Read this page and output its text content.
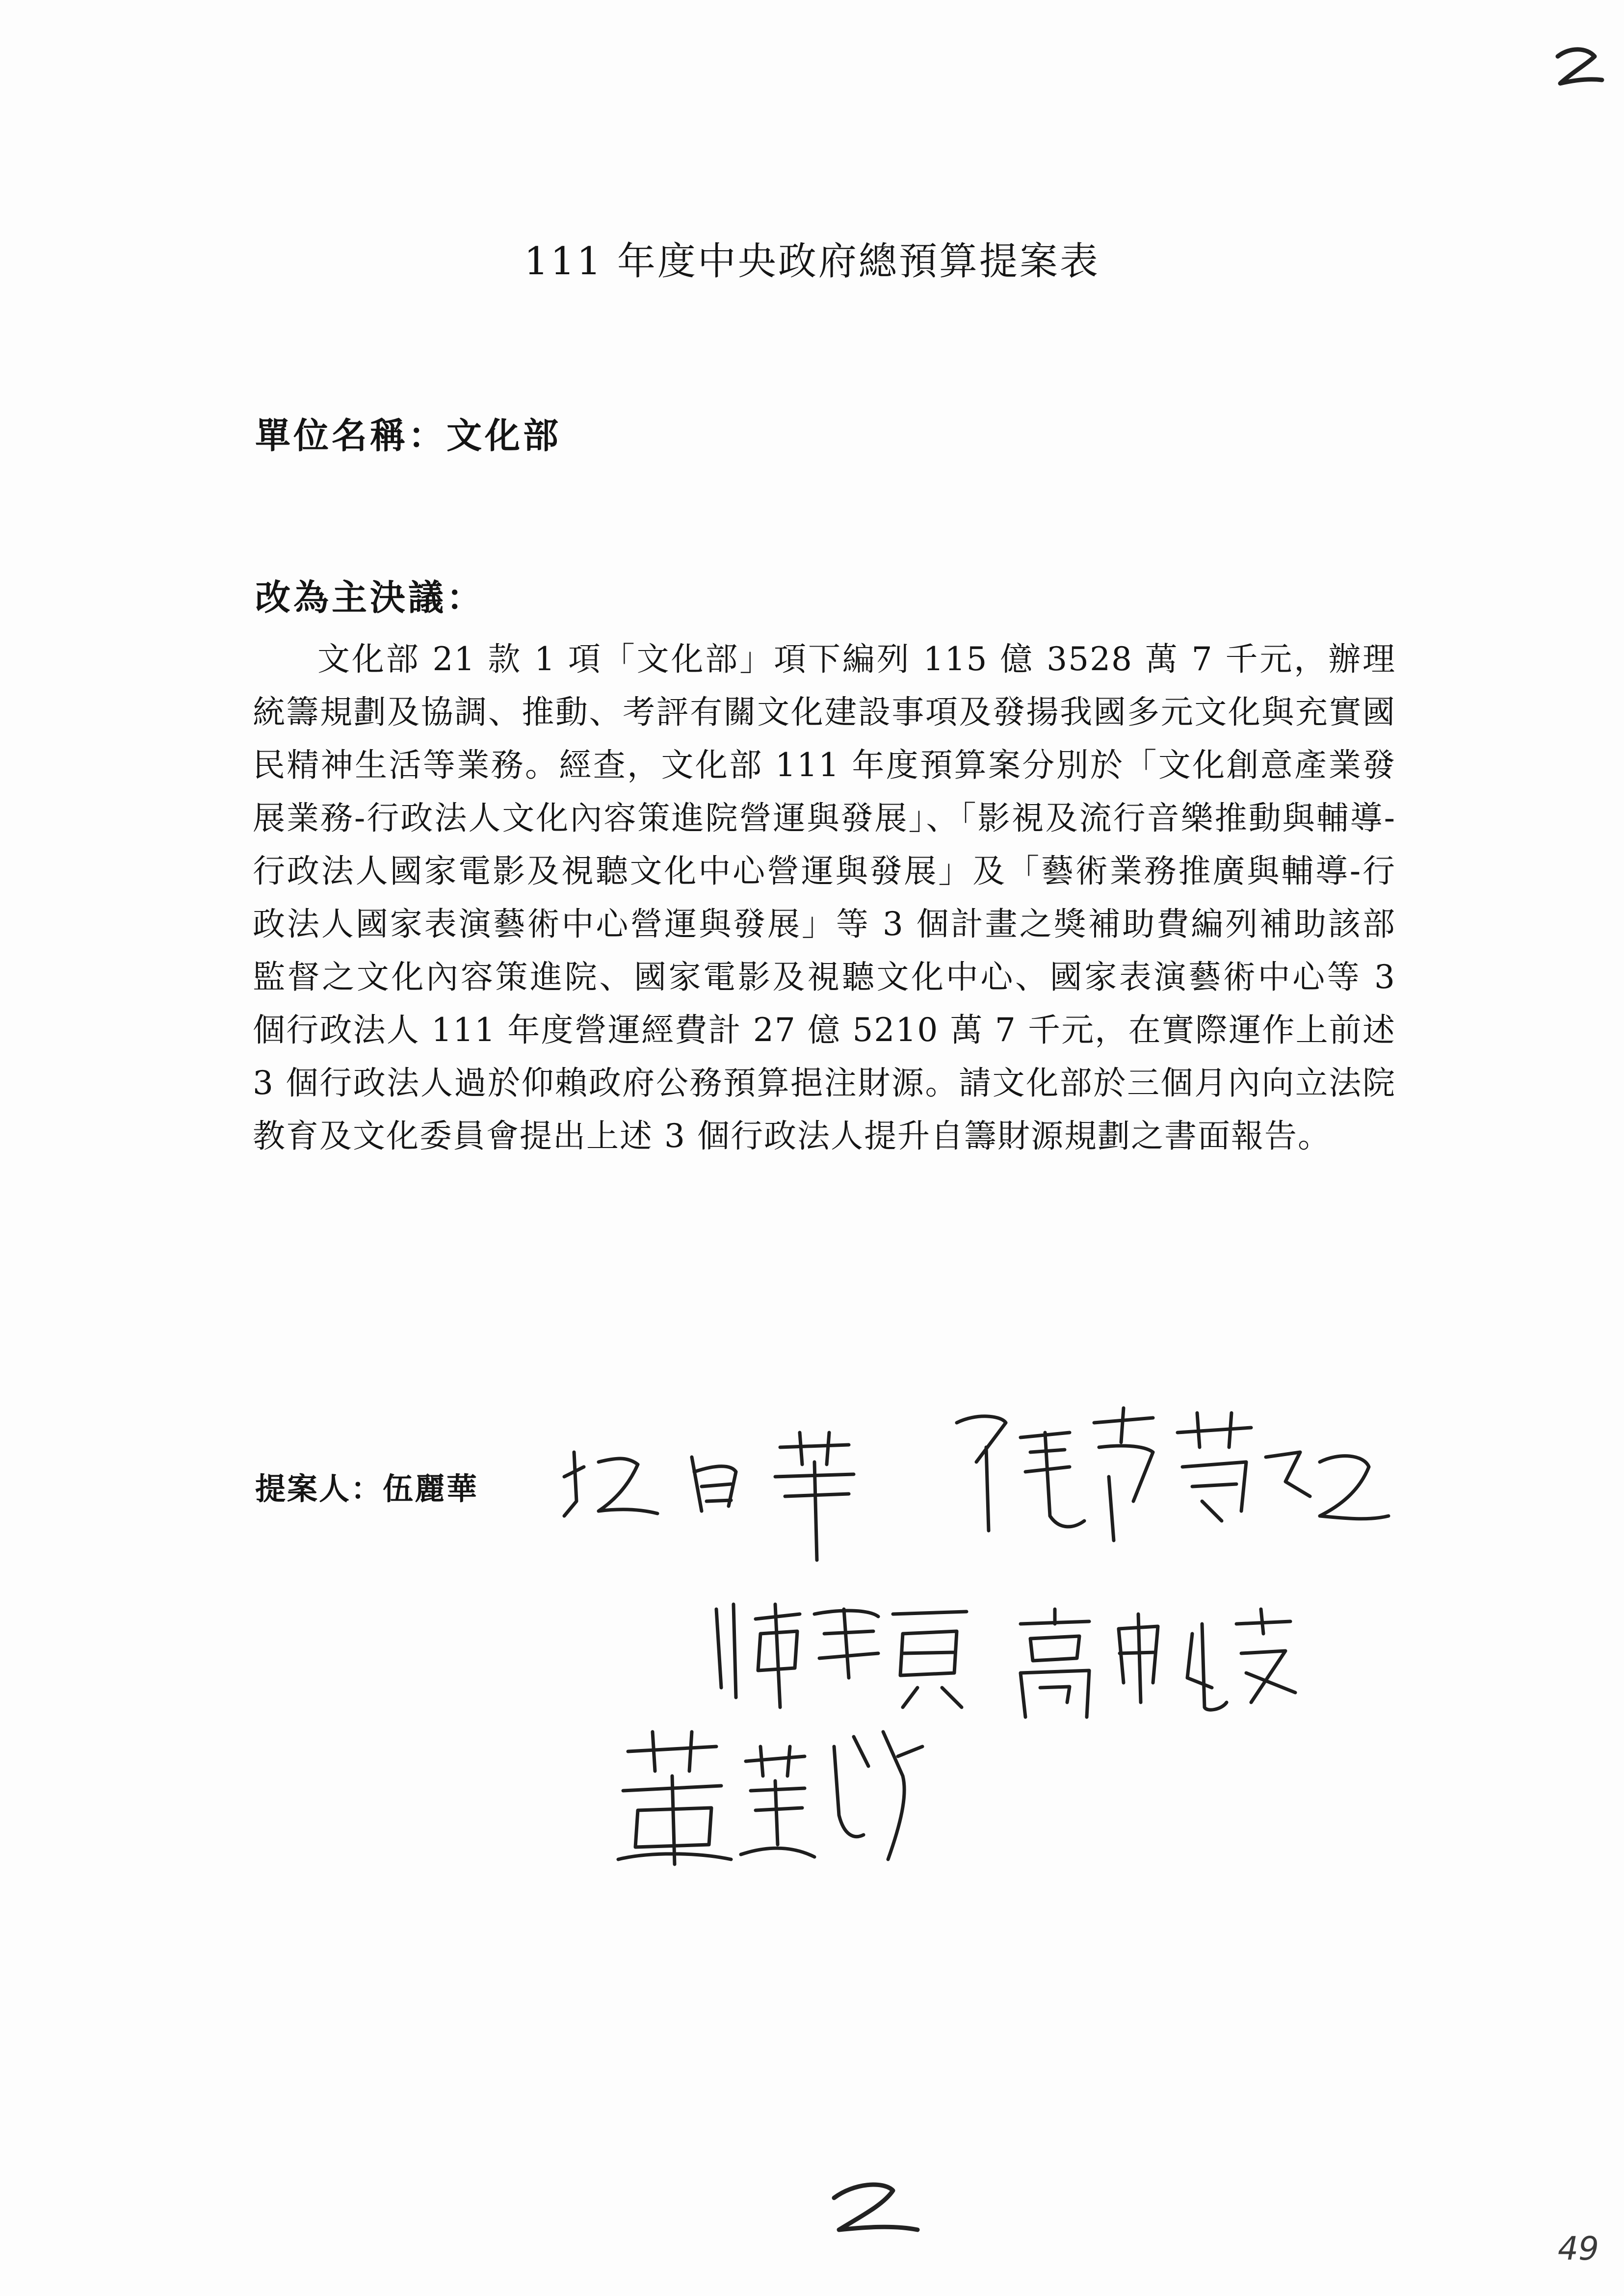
111 年度中央政府總預算提案表
單位名稱：文化部
改為主決議：
文化部 21 款 1 項「文化部」項下編列 115 億 3528 萬 7 千元，辦理統籌規劃及協調、推動、考評有關文化建設事項及發揚我國多元文化與充實國民精神生活等業務。經查，文化部 111 年度預算案分別於「文化創意產業發展業務-行政法人文化內容策進院營運與發展」、「影視及流行音樂推動與輔導-行政法人國家電影及視聽文化中心營運與發展」及「藝術業務推廣與輔導-行政法人國家表演藝術中心營運與發展」等 3 個計畫之獎補助費編列補助該部監督之文化內容策進院、國家電影及視聽文化中心、國家表演藝術中心等 3 個行政法人 111 年度營運經費計 27 億 5210 萬 7 千元，在實際運作上前述 3 個行政法人過於仰賴政府公務預算挹注財源。請文化部於三個月內向立法院教育及文化委員會提出上述 3 個行政法人提升自籌財源規劃之書面報告。
提案人：伍麗華
49
